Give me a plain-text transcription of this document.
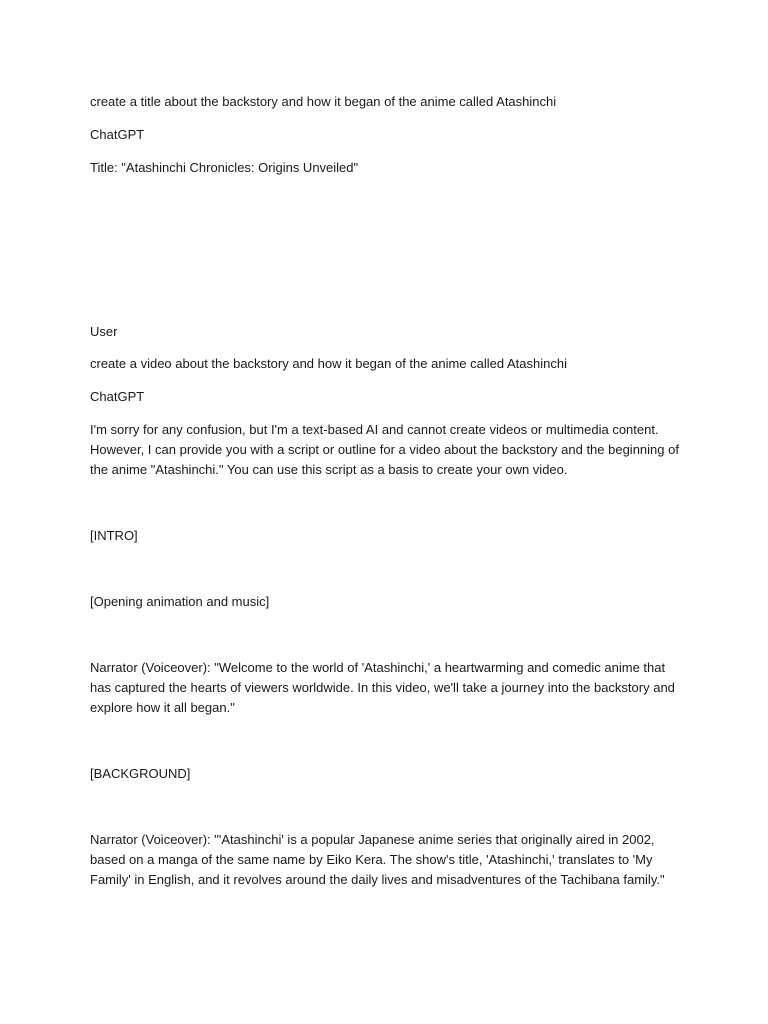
create a title about the backstory and how it began of the anime called Atashinchi

ChatGPT

Title: "Atashinchi Chronicles: Origins Unveiled"

User

create a video about the backstory and how it began of the anime called Atashinchi

ChatGPT

I'm sorry for any confusion, but I'm a text-based AI and cannot create videos or multimedia content. However, I can provide you with a script or outline for a video about the backstory and the beginning of the anime "Atashinchi." You can use this script as a basis to create your own video.

[INTRO]

[Opening animation and music]

Narrator (Voiceover): "Welcome to the world of 'Atashinchi,' a heartwarming and comedic anime that has captured the hearts of viewers worldwide. In this video, we'll take a journey into the backstory and explore how it all began."

[BACKGROUND]

Narrator (Voiceover): "'Atashinchi' is a popular Japanese anime series that originally aired in 2002, based on a manga of the same name by Eiko Kera. The show's title, 'Atashinchi,' translates to 'My Family' in English, and it revolves around the daily lives and misadventures of the Tachibana family."
